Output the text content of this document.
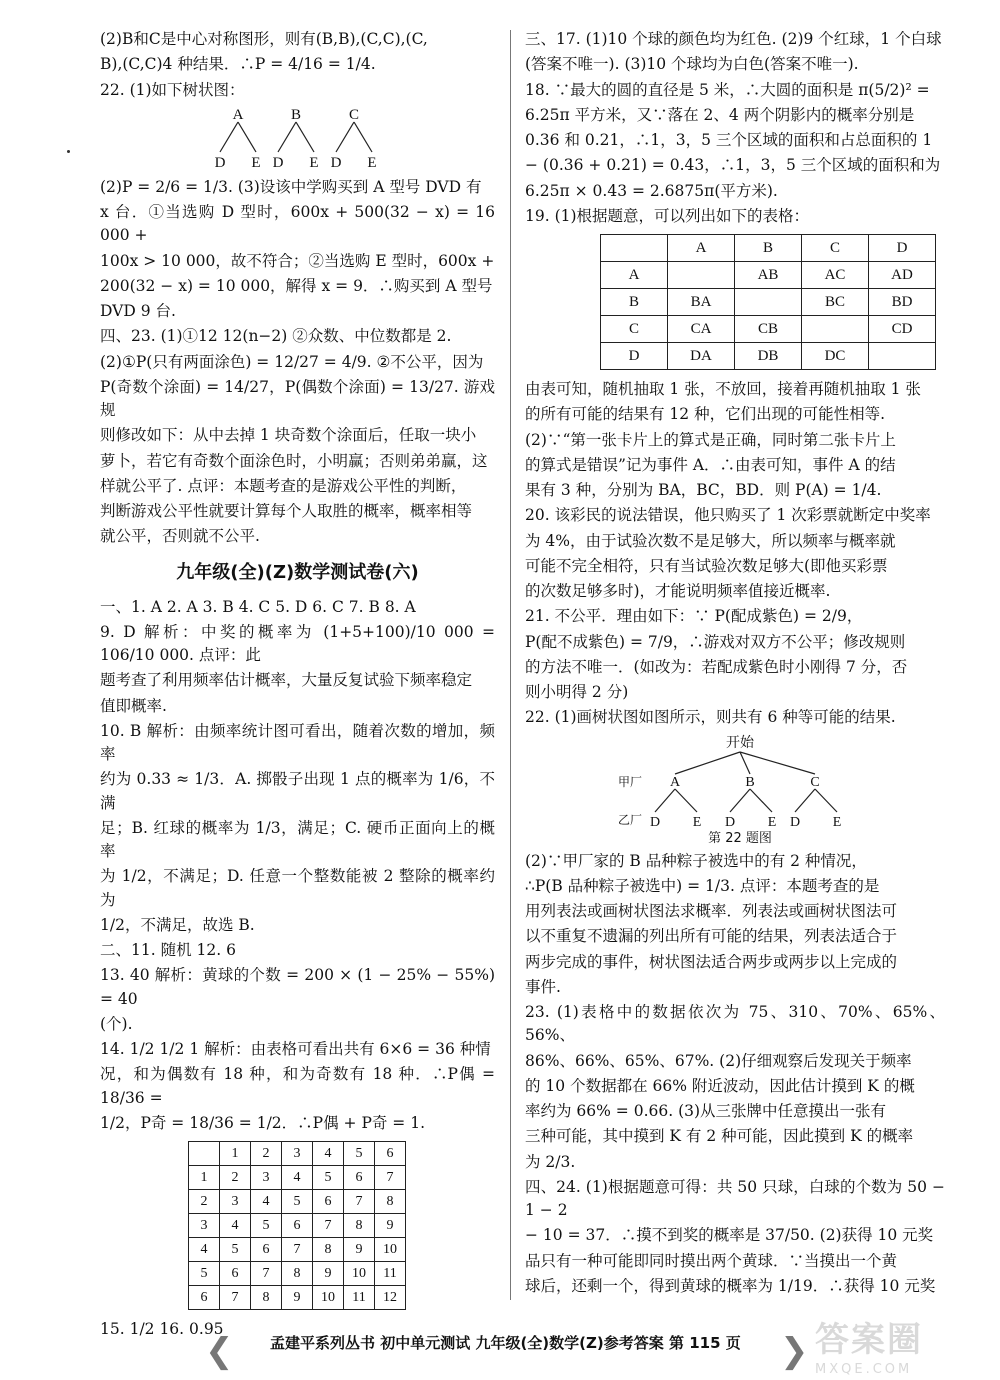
(2)B和C是中心对称图形，则有(B,B),(C,C),(C,

B),(C,C)4 种结果．∴P = 4/16 = 1/4.

22. (1)如下树状图：

A	B	C
D E D E D E

(2)P = 2/6 = 1/3. (3)设该中学购买到 A 型号 DVD 有

x 台．①当选购 D 型时，600x + 500(32 − x) = 16 000 +

100x > 10 000，故不符合；②当选购 E 型时，600x +

200(32 − x) = 10 000，解得 x = 9．∴购买到 A 型号

DVD 9 台.

四、23. (1)①12 12(n−2) ②众数、中位数都是 2.

(2)①P(只有两面涂色) = 12/27 = 4/9. ②不公平，因为

P(奇数个涂面) = 14/27，P(偶数个涂面) = 13/27. 游戏规

则修改如下：从中去掉 1 块奇数个涂面后，任取一块小

萝卜，若它有奇数个面涂色时，小明赢；否则弟弟赢，这

样就公平了. 点评：本题考查的是游戏公平性的判断，

判断游戏公平性就要计算每个人取胜的概率，概率相等

就公平，否则就不公平.

九年级(全)(Z)数学测试卷(六)

一、1. A 2. A 3. B 4. C 5. D 6. C 7. B 8. A

9. D 解析：中奖的概率为 (1+5+100)/10 000 = 106/10 000. 点评：此

题考查了利用频率估计概率，大量反复试验下频率稳定

值即概率.

10. B 解析：由频率统计图可看出，随着次数的增加，频率

约为 0.33 ≈ 1/3．A. 掷骰子出现 1 点的概率为 1/6，不满

足；B. 红球的概率为 1/3，满足；C. 硬币正面向上的概率

为 1/2，不满足；D. 任意一个整数能被 2 整除的概率约为

1/2，不满足，故选 B.

二、11. 随机 12. 6

13. 40 解析：黄球的个数 = 200 × (1 − 25% − 55%) = 40

(个).

14. 1/2 1/2 1 解析：由表格可看出共有 6×6 = 36 种情

况，和为偶数有 18 种，和为奇数有 18 种．∴P偶 = 18/36 =

1/2，P奇 = 18/36 = 1/2．∴P偶 + P奇 = 1.

	1	2	3	4	5	6
1	2	3	4	5	6	7
2	3	4	5	6	7	8
3	4	5	6	7	8	9
4	5	6	7	8	9	10
5	6	7	8	9	10	11
6	7	8	9	10	11	12

15. 1/2 16. 0.95

三、17. (1)10 个球的颜色均为红色. (2)9 个红球，1 个白球

(答案不唯一). (3)10 个球均为白色(答案不唯一).

18. ∵最大的圆的直径是 5 米，∴大圆的面积是 π(5/2)² =

6.25π 平方米，又∵落在 2、4 两个阴影内的概率分别是

0.36 和 0.21，∴1，3，5 三个区域的面积和占总面积的 1

− (0.36 + 0.21) = 0.43，∴1，3，5 三个区域的面积和为

6.25π × 0.43 = 2.6875π(平方米).

19. (1)根据题意，可以列出如下的表格：

	A	B	C	D
A		AB	AC	AD
B	BA		BC	BD
C	CA	CB		CD
D	DA	DB	DC	

由表可知，随机抽取 1 张，不放回，接着再随机抽取 1 张

的所有可能的结果有 12 种，它们出现的可能性相等.

(2)∵“第一张卡片上的算式是正确，同时第二张卡片上

的算式是错误”记为事件 A．∴由表可知，事件 A 的结

果有 3 种，分别为 BA，BC，BD．则 P(A) = 1/4.

20. 该彩民的说法错误，他只购买了 1 次彩票就断定中奖率

为 4%，由于试验次数不是足够大，所以频率与概率就

可能不完全相符，只有当试验次数足够大(即他买彩票

的次数足够多时)，才能说明频率值接近概率.

21. 不公平．理由如下：∵ P(配成紫色) = 2/9，

P(配不成紫色) = 7/9，∴游戏对双方不公平；修改规则

的方法不唯一．(如改为：若配成紫色时小刚得 7 分，否

则小明得 2 分)

22. (1)画树状图如图所示，则共有 6 种等可能的结果.

开始
甲厂
乙厂
A	B	C
D E D E D E
第 22 题图

(2)∵甲厂家的 B 品种粽子被选中的有 2 种情况，

∴P(B 品种粽子被选中) = 1/3. 点评：本题考查的是

用列表法或画树状图法求概率．列表法或画树状图法可

以不重复不遗漏的列出所有可能的结果，列表法适合于

两步完成的事件，树状图法适合两步或两步以上完成的

事件.

23. (1)表格中的数据依次为 75、310、70%、65%、56%、

86%、66%、65%、67%. (2)仔细观察后发现关于频率

的 10 个数据都在 66% 附近波动，因此估计摸到 K 的概

率约为 66% = 0.66. (3)从三张牌中任意摸出一张有

三种可能，其中摸到 K 有 2 种可能，因此摸到 K 的概率

为 2/3.

四、24. (1)根据题意可得：共 50 只球，白球的个数为 50 − 1 − 2

− 10 = 37．∴摸不到奖的概率是 37/50. (2)获得 10 元奖

品只有一种可能即同时摸出两个黄球．∵当摸出一个黄

球后，还剩一个，得到黄球的概率为 1/19．∴获得 10 元奖

❮ 孟建平系列丛书 初中单元测试 九年级(全)数学(Z)参考答案 第 115 页 ❯ 答案圈
MXQE.COM
